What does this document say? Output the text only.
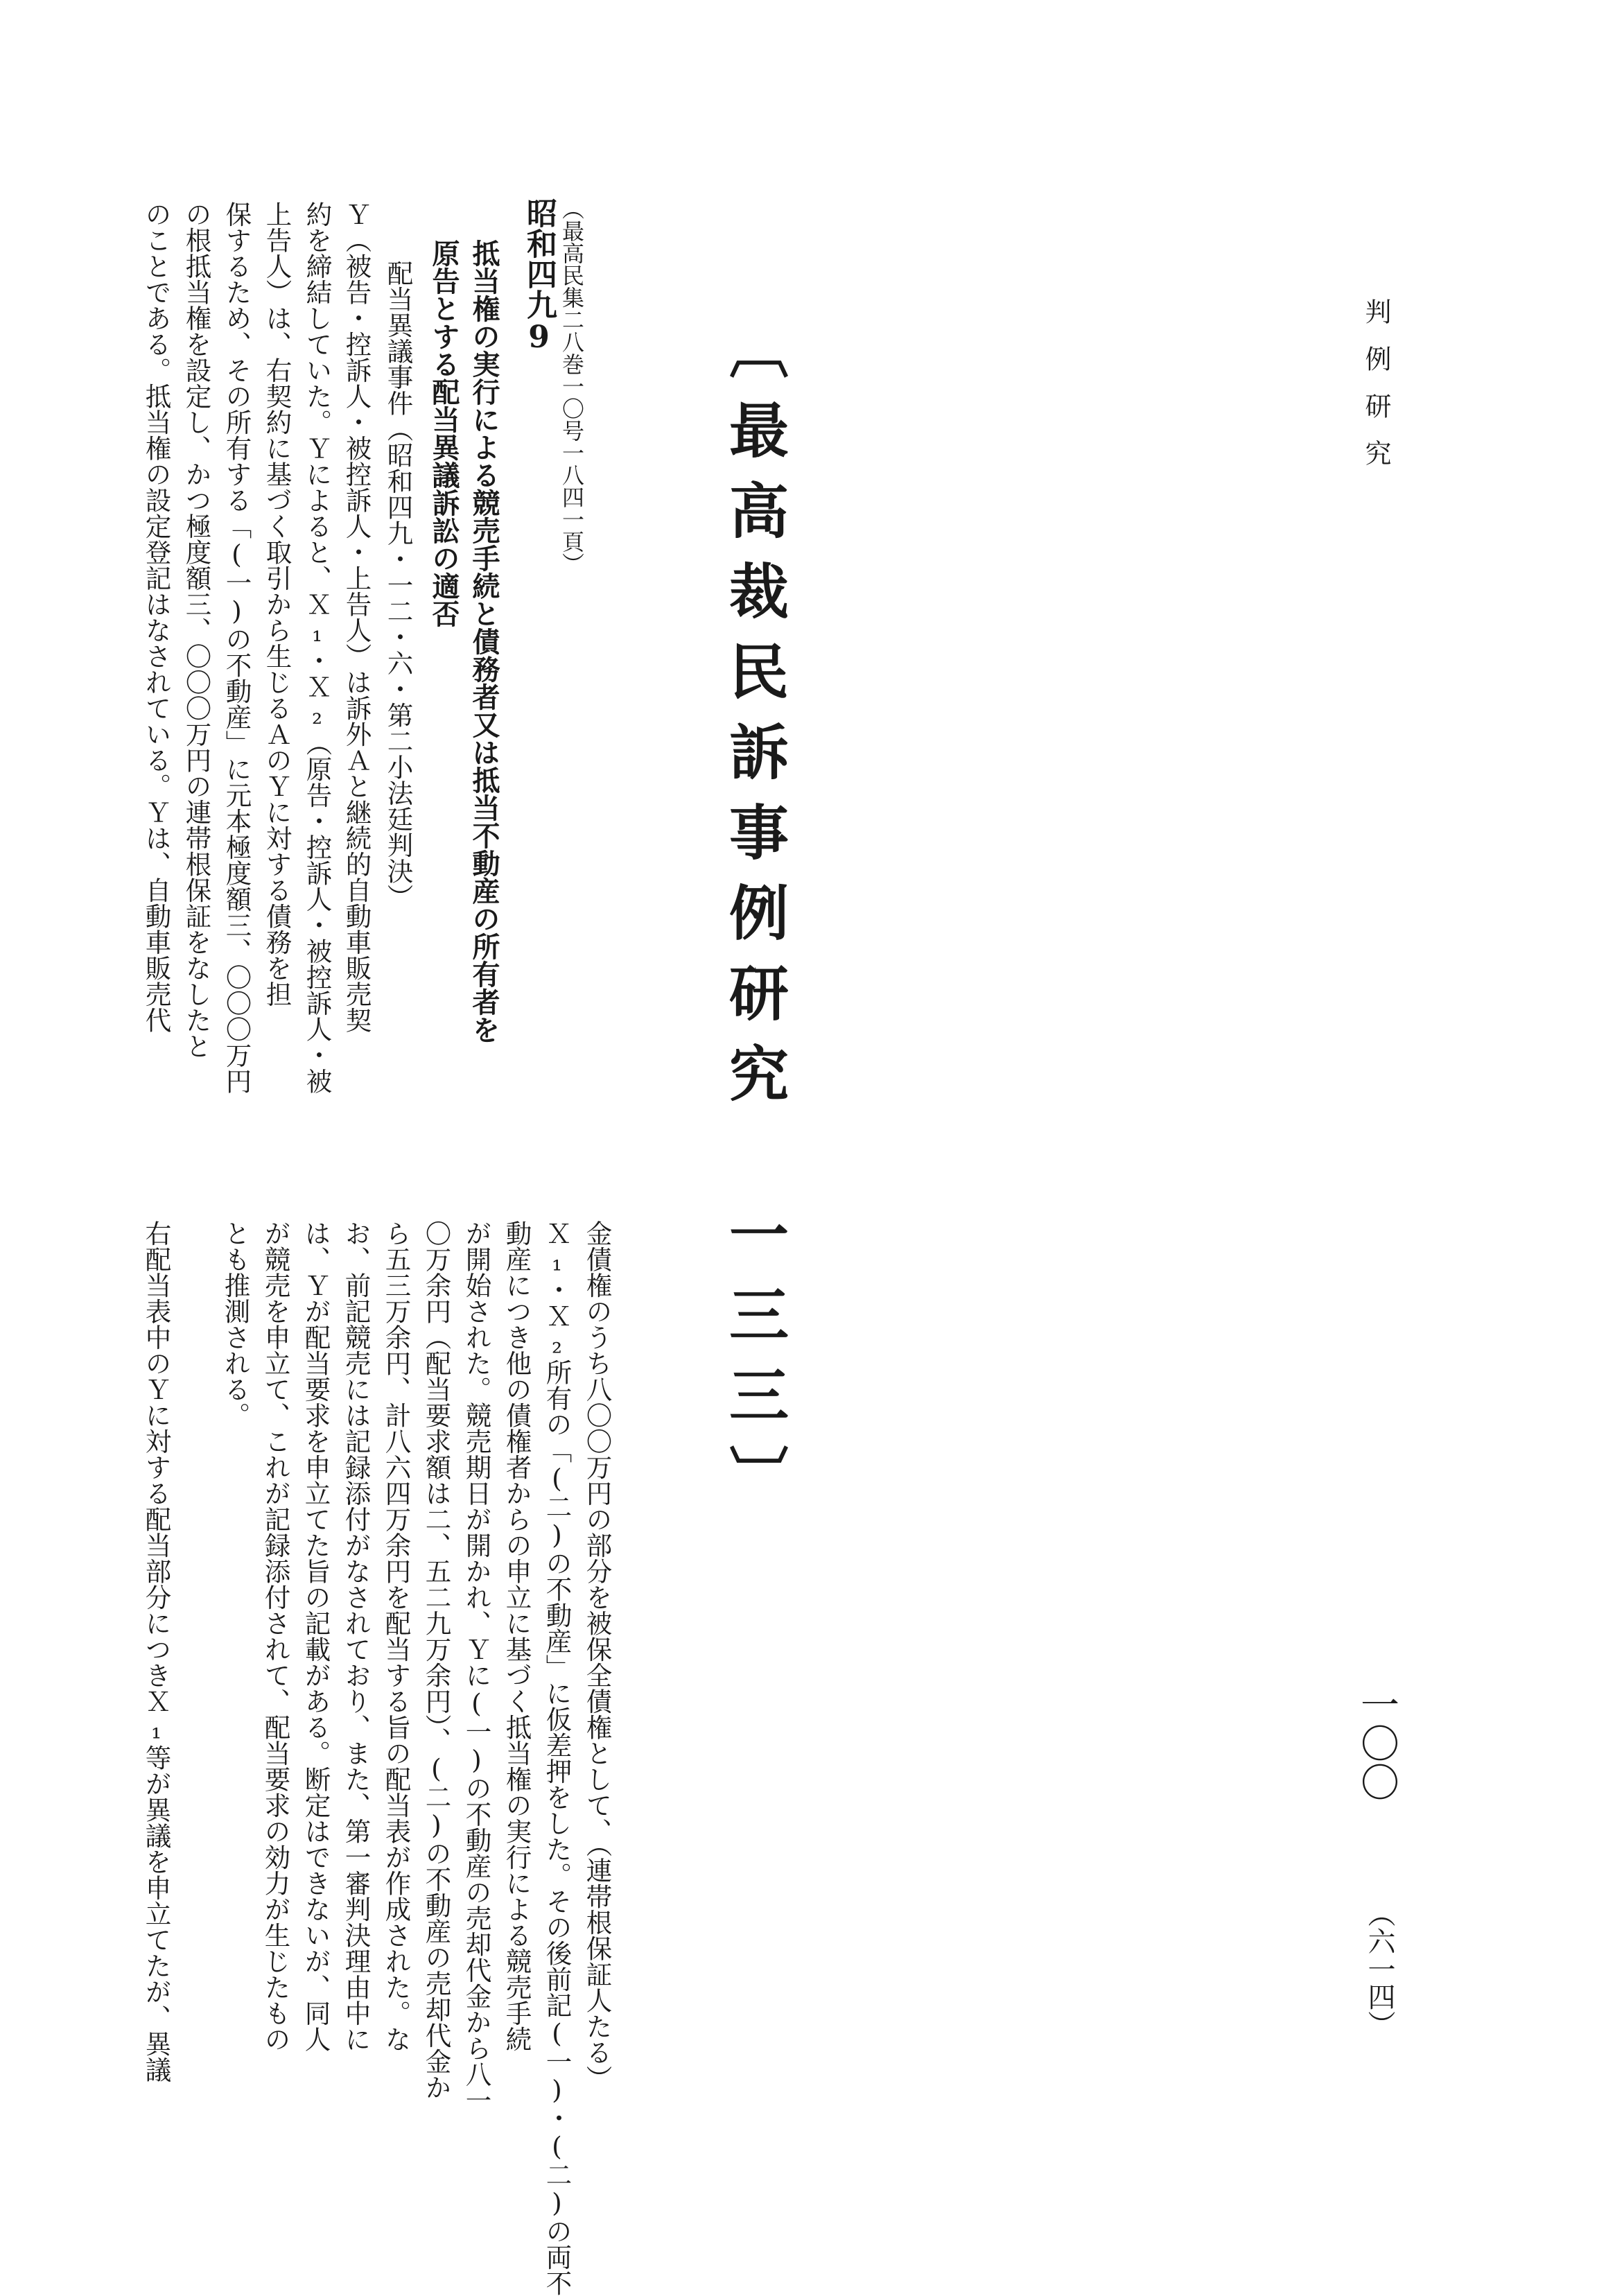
判例研究
一〇〇
（六一四）
〔最高裁民訴事例研究　一三三〕
昭和四九9 （最高民集二八巻一〇号一八四一頁）
抵当権の実行による競売手続と債務者又は抵当不動産の所有者を
原告とする配当異議訴訟の適否
配当異議事件（昭和四九・一二・六・第二小法廷判決）
Ｙ（被告・控訴人・被控訴人・上告人）は訴外Ａと継続的自動車販売契
約を締結していた。Ｙによると、Ｘ₁・Ｘ₂（原告・控訴人・被控訴人・被
上告人）は、右契約に基づく取引から生じるＡのＹに対する債務を担
保するため、その所有する「(一)の不動産」に元本極度額三、〇〇〇万円
の根抵当権を設定し、かつ極度額三、〇〇〇万円の連帯根保証をなしたと
のことである。抵当権の設定登記はなされている。Ｙは、自動車販売代
金債権のうち八〇〇万円の部分を被保全債権として、（連帯根保証人たる）
Ｘ₁・Ｘ₂所有の「(二)の不動産」に仮差押をした。その後前記(一)・(二)の両不
動産につき他の債権者からの申立に基づく抵当権の実行による競売手続
が開始された。競売期日が開かれ、Ｙに(一)の不動産の売却代金から八一
〇万余円（配当要求額は二、五二九万余円）、(二)の不動産の売却代金か
ら五三万余円、計八六四万余円を配当する旨の配当表が作成された。な
お、前記競売には記録添付がなされており、また、第一審判決理由中に
は、Ｙが配当要求を申立てた旨の記載がある。断定はできないが、同人
が競売を申立て、これが記録添付されて、配当要求の効力が生じたもの
とも推測される。
右配当表中のＹに対する配当部分につきＸ₁等が異議を申立てたが、異議
